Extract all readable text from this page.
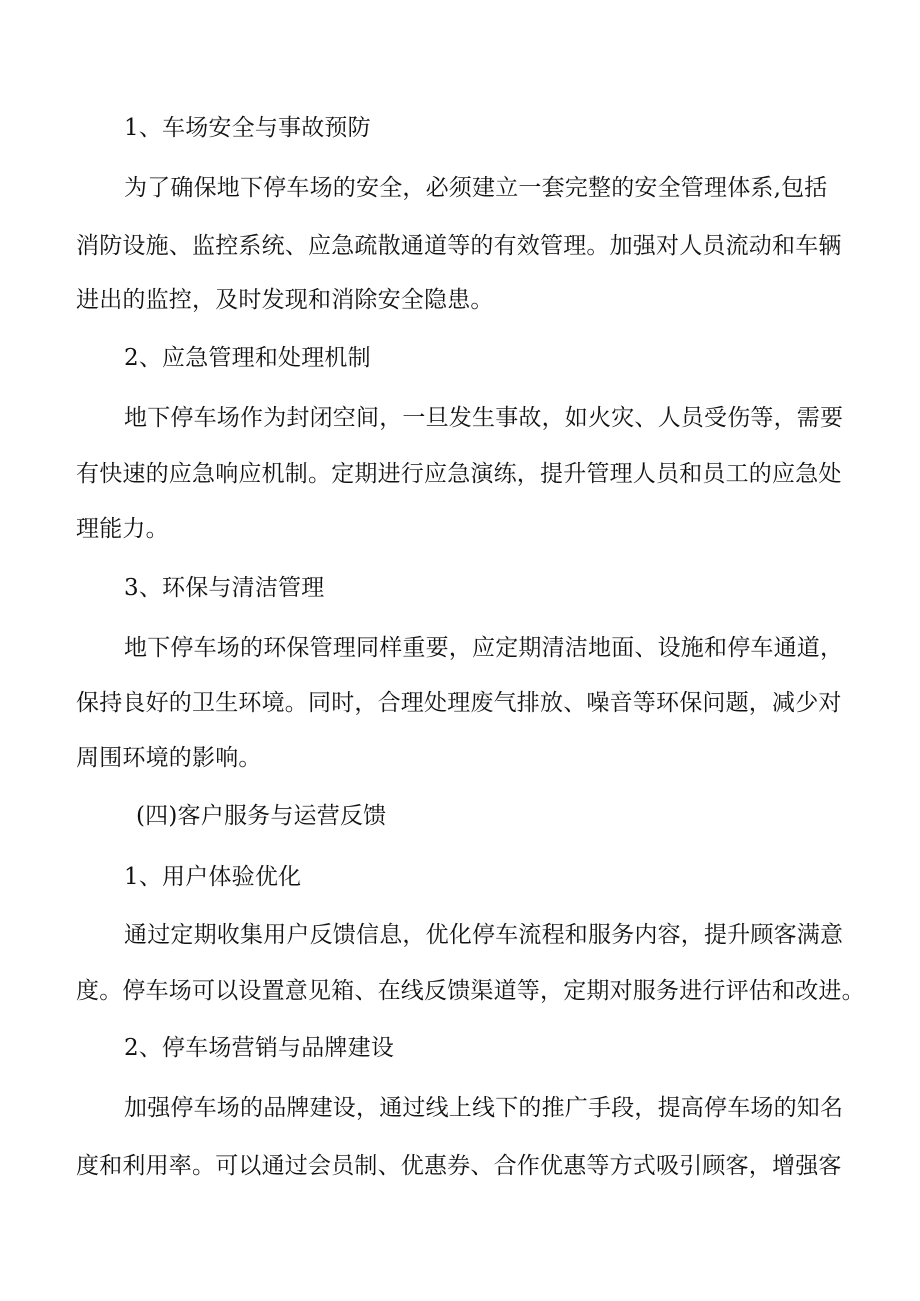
1、车场安全与事故预防
为了确保地下停车场的安全，必须建立一套完整的安全管理体系,包括
消防设施、监控系统、应急疏散通道等的有效管理。加强对人员流动和车辆
进出的监控，及时发现和消除安全隐患。
2、应急管理和处理机制
地下停车场作为封闭空间，一旦发生事故，如火灾、人员受伤等，需要
有快速的应急响应机制。定期进行应急演练，提升管理人员和员工的应急处
理能力。
3、环保与清洁管理
地下停车场的环保管理同样重要，应定期清洁地面、设施和停车通道，
保持良好的卫生环境。同时，合理处理废气排放、噪音等环保问题，减少对
周围环境的影响。
(四)客户服务与运营反馈
1、用户体验优化
通过定期收集用户反馈信息，优化停车流程和服务内容，提升顾客满意
度。停车场可以设置意见箱、在线反馈渠道等，定期对服务进行评估和改进。
2、停车场营销与品牌建设
加强停车场的品牌建设，通过线上线下的推广手段，提高停车场的知名
度和利用率。可以通过会员制、优惠券、合作优惠等方式吸引顾客，增强客
